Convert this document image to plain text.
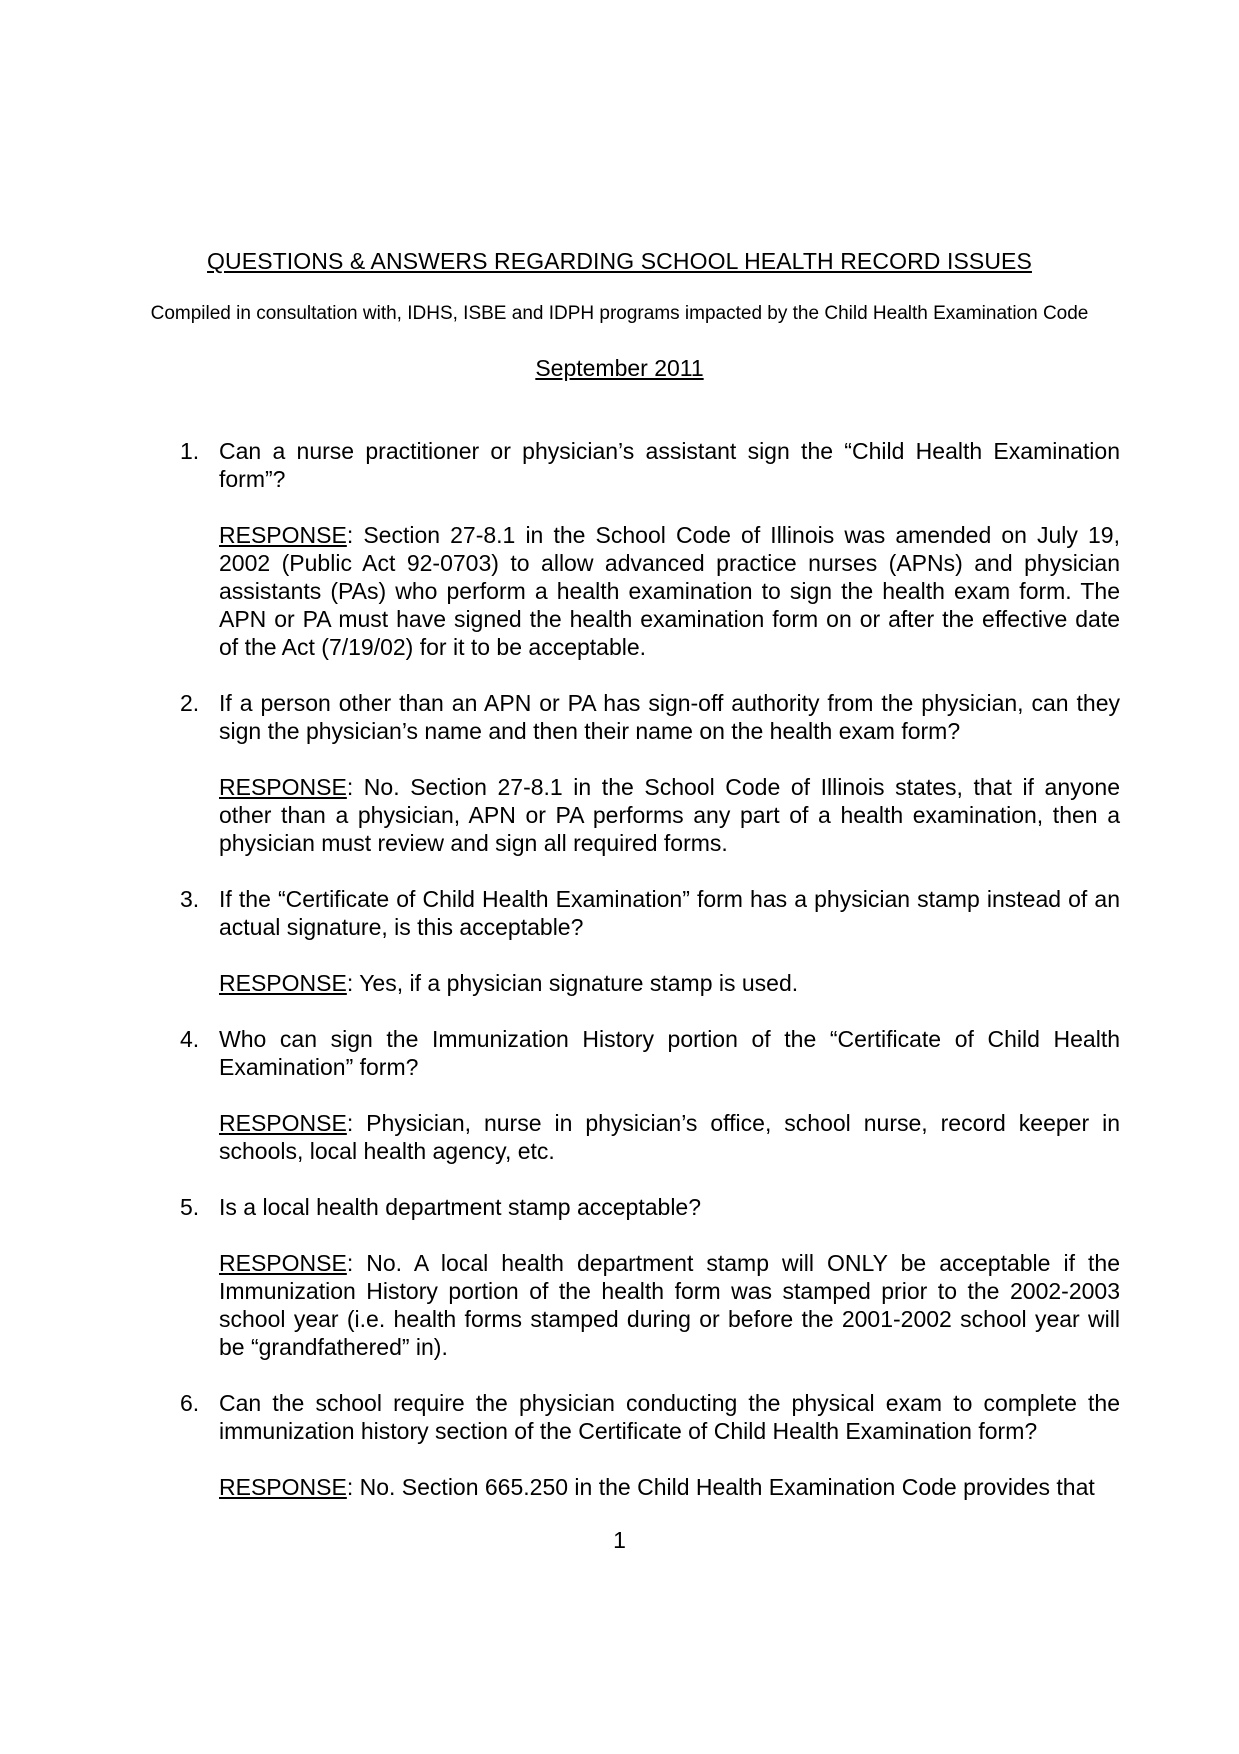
QUESTIONS & ANSWERS REGARDING SCHOOL HEALTH RECORD ISSUES
Compiled in consultation with, IDHS, ISBE and IDPH programs impacted by the Child Health Examination Code
September 2011
1. Can a nurse practitioner or physician’s assistant sign the “Child Health Examination form”?
RESPONSE: Section 27-8.1 in the School Code of Illinois was amended on July 19, 2002 (Public Act 92-0703) to allow advanced practice nurses (APNs) and physician assistants (PAs) who perform a health examination to sign the health exam form. The APN or PA must have signed the health examination form on or after the effective date of the Act (7/19/02) for it to be acceptable.
2. If a person other than an APN or PA has sign-off authority from the physician, can they sign the physician’s name and then their name on the health exam form?
RESPONSE: No. Section 27-8.1 in the School Code of Illinois states, that if anyone other than a physician, APN or PA performs any part of a health examination, then a physician must review and sign all required forms.
3. If the “Certificate of Child Health Examination” form has a physician stamp instead of an actual signature, is this acceptable?
RESPONSE: Yes, if a physician signature stamp is used.
4. Who can sign the Immunization History portion of the “Certificate of Child Health Examination” form?
RESPONSE: Physician, nurse in physician’s office, school nurse, record keeper in schools, local health agency, etc.
5. Is a local health department stamp acceptable?
RESPONSE: No. A local health department stamp will ONLY be acceptable if the Immunization History portion of the health form was stamped prior to the 2002-2003 school year (i.e. health forms stamped during or before the 2001-2002 school year will be “grandfathered” in).
6. Can the school require the physician conducting the physical exam to complete the immunization history section of the Certificate of Child Health Examination form?
RESPONSE: No. Section 665.250 in the Child Health Examination Code provides that
1
